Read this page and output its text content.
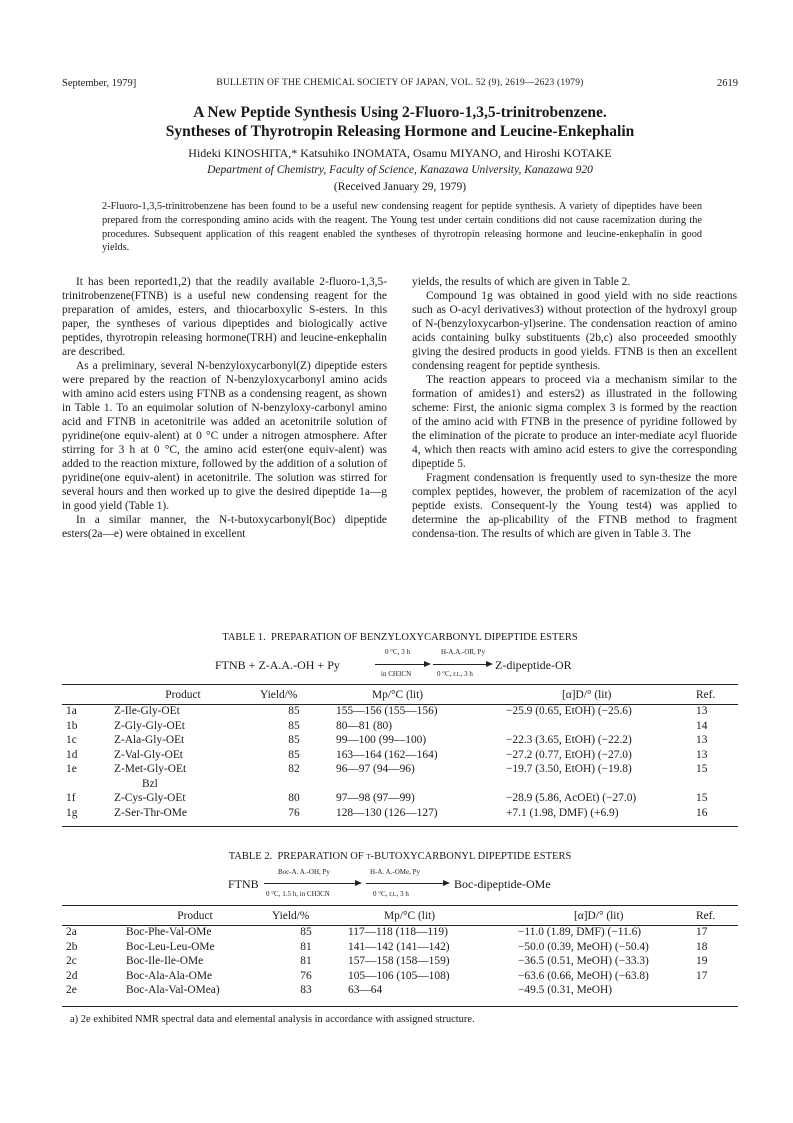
September, 1979]	BULLETIN OF THE CHEMICAL SOCIETY OF JAPAN, VOL. 52 (9), 2619—2623 (1979)	2619
A New Peptide Synthesis Using 2-Fluoro-1,3,5-trinitrobenzene.
Syntheses of Thyrotropin Releasing Hormone and Leucine-Enkephalin
Hideki KINOSHITA,* Katsuhiko INOMATA, Osamu MIYANO, and Hiroshi KOTAKE
Department of Chemistry, Faculty of Science, Kanazawa University, Kanazawa 920
(Received January 29, 1979)
2-Fluoro-1,3,5-trinitrobenzene has been found to be a useful new condensing reagent for peptide synthesis. A variety of dipeptides have been prepared from the corresponding amino acids with the reagent. The Young test under certain conditions did not cause racemization during the procedures. Subsequent application of this reagent enabled the syntheses of thyrotropin releasing hormone and leucine-enkephalin in good yields.

It has been reported1,2) that the readily available 2-fluoro-1,3,5-trinitrobenzene(FTNB) is a useful new condensing reagent for the preparation of amides, esters, and thiocarboxylic S-esters. In this paper, the syntheses of various dipeptides and biologically active peptides, thyrotropin releasing hormone(TRH) and leucine-enkephalin are described.

As a preliminary, several N-benzyloxycarbonyl(Z) dipeptide esters were prepared by the reaction of N-benzyloxycarbonyl amino acids with amino acid esters using FTNB as a condensing reagent, as shown in Table 1. To an equimolar solution of N-benzyloxy-carbonyl amino acid and FTNB in acetonitrile was added an acetonitrile solution of pyridine(one equiv-alent) at 0 °C under a nitrogen atmosphere. After stirring for 3 h at 0 °C, the amino acid ester(one equiv-alent) was added to the reaction mixture, followed by the addition of a solution of pyridine(one equiv-alent) in acetonitrile. The solution was stirred for several hours and then worked up to give the desired dipeptide 1a—g in good yield (Table 1).

In a similar manner, the N-t-butoxycarbonyl(Boc) dipeptide esters(2a—e) were obtained in excellent

yields, the results of which are given in Table 2.

Compound 1g was obtained in good yield with no side reactions such as O-acyl derivatives3) without protection of the hydroxyl group of N-(benzyloxycarbon-yl)serine. The condensation reaction of amino acids containing bulky substituents (2b,c) also proceeded smoothly giving the desired products in good yields. FTNB is then an excellent condensing reagent for peptide synthesis.

The reaction appears to proceed via a mechanism similar to the formation of amides1) and esters2) as illustrated in the following scheme: First, the anionic sigma complex 3 is formed by the reaction of the amino acid with FTNB in the presence of pyridine followed by the elimination of the picrate to produce an inter-mediate acyl fluoride 4, which then reacts with amino acid esters to give the corresponding dipeptide 5.

Fragment condensation is frequently used to syn-thesize the more complex peptides, however, the problem of racemization of the acyl peptide exists. Consequent-ly the Young test4) was applied to determine the ap-plicability of the FTNB method to fragment condensa-tion. The results of which are given in Table 3. The

TABLE 1. PREPARATION OF BENZYLOXYCARBONYL DIPEPTIDE ESTERS
FTNB + Z-A.A.-OH + Py
0 °C, 3 h
in CH3CN
H-A.A.-OR, Py
0 °C, r.t., 3 h
Z-dipeptide-OR
	Product	Yield/%	Mp/°C (lit)	[α]D/° (lit)	Ref.
1a	Z-Ile-Gly-OEt	85	155—156 (155—156)	−25.9 (0.65, EtOH) (−25.6)	13
1b	Z-Gly-Gly-OEt	85	80—81 (80)		14
1c	Z-Ala-Gly-OEt	85	99—100 (99—100)	−22.3 (3.65, EtOH) (−22.2)	13
1d	Z-Val-Gly-OEt	85	163—164 (162—164)	−27.2 (0.77, EtOH) (−27.0)	13
1e	Z-Met-Gly-OEt	82	96—97 (94—96)	−19.7 (3.50, EtOH) (−19.8)	15
	Bzl				
1f	Z-Cys-Gly-OEt	80	97—98 (97—99)	−28.9 (5.86, AcOEt) (−27.0)	15
1g	Z-Ser-Thr-OMe	76	128—130 (126—127)	+7.1 (1.98, DMF) (+6.9)	16
TABLE 2. PREPARATION OF t-BUTOXYCARBONYL DIPEPTIDE ESTERS
FTNB
Boc-A. A.-OH, Py
0 °C, 1.5 h, in CH3CN
H-A. A.-OMe, Py
0 °C, r.t., 3 h
Boc-dipeptide-OMe
	Product	Yield/%	Mp/°C (lit)	[α]D/° (lit)	Ref.
2a	Boc-Phe-Val-OMe	85	117—118 (118—119)	−11.0 (1.89, DMF) (−11.6)	17
2b	Boc-Leu-Leu-OMe	81	141—142 (141—142)	−50.0 (0.39, MeOH) (−50.4)	18
2c	Boc-Ile-Ile-OMe	81	157—158 (158—159)	−36.5 (0.51, MeOH) (−33.3)	19
2d	Boc-Ala-Ala-OMe	76	105—106 (105—108)	−63.6 (0.66, MeOH) (−63.8)	17
2e	Boc-Ala-Val-OMea)	83	63—64	−49.5 (0.31, MeOH)	
a) 2e exhibited NMR spectral data and elemental analysis in accordance with assigned structure.
